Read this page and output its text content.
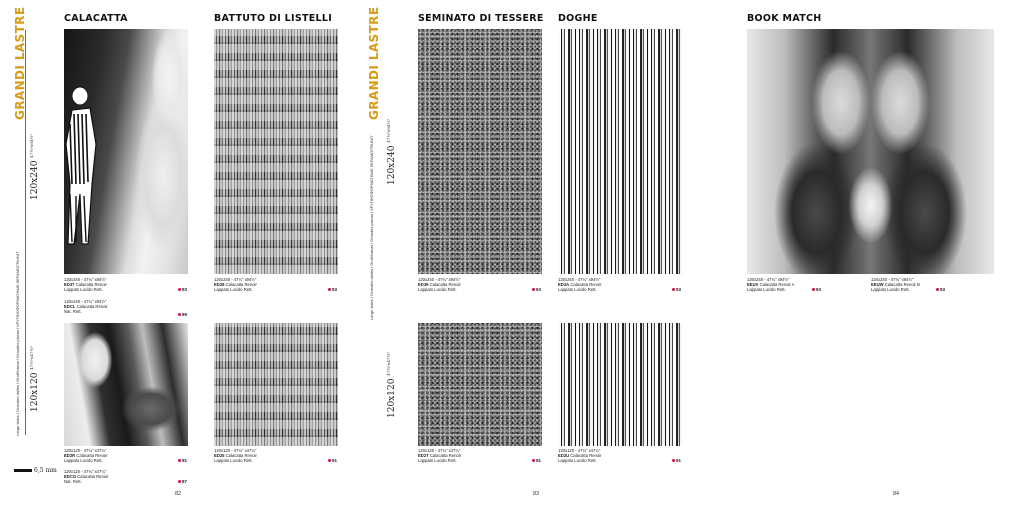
GRANDI LASTRE
Large slabs / Grandes dalles / Großformat / Grandes placas / КРУПНОФОРМАТНЫЕ КЕРАМОГРАНИТ
120x240 $^{47\frac{1}{4}"x94\frac{1}{2}"}$
120x120 $^{47\frac{1}{4}"x47\frac{1}{4}"}$
CALACATTA
120x240 - 47¼" x94½"
ED37 Calacatta Renoir
Lappato Lucido Rett.	93
120x240 - 47¼" x94½"
EDCL Calacatta Renoir
Nat. Rett.
89
120x120 - 47¼" x47¼"
ED2R Calacatta Renoir
Lappato Lucido Rett.	91
120x120 - 47¼" x47¼"
EDCG Calacatta Renoir
Nat. Rett.	87
BATTUTO DI LISTELLI
120x240 - 47¼" x94½"
ED28 Calacatta Renoir
Lappato Lucido Rett.	93
120x120 - 47¼" x47¼"
ED25 Calacatta Renoir
Lappato Lucido Rett.	91
6,5 mm
82
GRANDI LASTRE
Large slabs / Grandes dalles / Großformat / Grandes placas / КРУПНОФОРМАТНЫЕ КЕРАМОГРАНИТ 120x240 $^{47\frac{1}{4}"x94\frac{1}{2}"}$
120x120 $^{47\frac{1}{4}"x47\frac{1}{4}"}$
SEMINATO DI TESSERE
120x240 - 47¼" x94½"
ED39 Calacatta Renoir
Lappato Lucido Rett.	93
120x120 - 47¼" x47¼"
ED2T Calacatta Renoir
Lappato Lucido Rett.	91
DOGHE
120x240 - 47¼" x94½"
ED3A Calacatta Renoir
Lappato Lucido Rett.	93
120x120 - 47¼" x47¼"
ED2U Calacatta Renoir
Lappato Lucido Rett.	91
83
BOOK MATCH
120x240 - 47¼" x94½"
EEUV Calacatta Renoir A
Lappato Lucido Rett.	93
120x240 - 47¼" x94½"
EEUW Calacatta Renoir B
Lappato Lucido Rett.	93
84
